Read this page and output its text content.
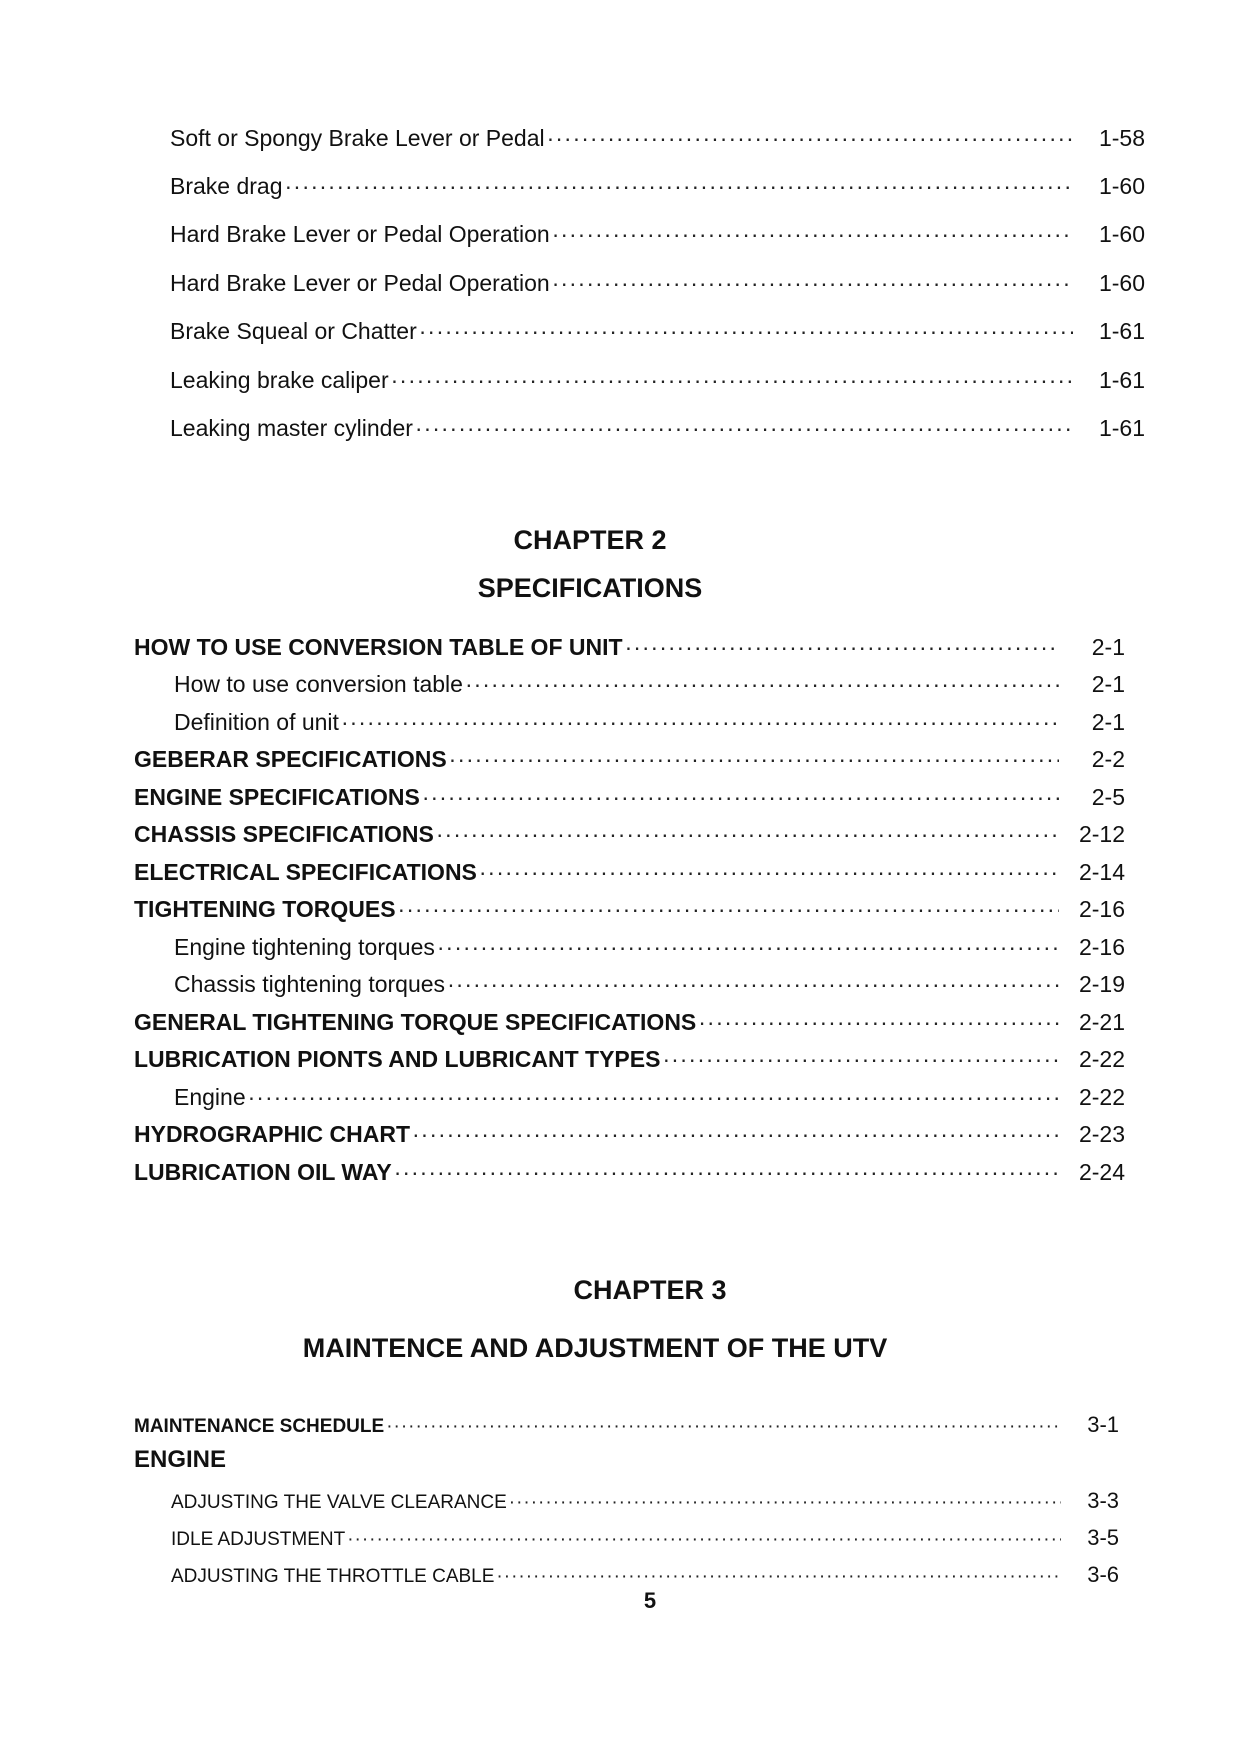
Soft or Spongy Brake Lever or Pedal ·····	1-58
Brake drag ·····	1-60
Hard Brake Lever or Pedal Operation ·····	1-60
Hard Brake Lever or Pedal Operation ·····	1-60
Brake Squeal or Chatter ·····	1-61
Leaking brake caliper ·····	1-61
Leaking master cylinder ·····	1-61
CHAPTER 2
SPECIFICATIONS
HOW TO USE CONVERSION TABLE OF UNIT ·····	2-1
How to use conversion table ·····	2-1
Definition of unit ·····	2-1
GEBERAR SPECIFICATIONS ·····	2-2
ENGINE SPECIFICATIONS ·····	2-5
CHASSIS SPECIFICATIONS ·····	2-12
ELECTRICAL SPECIFICATIONS ·····	2-14
TIGHTENING TORQUES ·····	2-16
Engine tightening torques ·····	2-16
Chassis tightening torques ·····	2-19
GENERAL TIGHTENING TORQUE SPECIFICATIONS ·····	2-21
LUBRICATION PIONTS AND LUBRICANT TYPES ·····	2-22
Engine ·····	2-22
HYDROGRAPHIC CHART ·····	2-23
LUBRICATION OIL WAY ·····	2-24
CHAPTER 3
MAINTENCE AND ADJUSTMENT OF THE UTV
MAINTENANCE SCHEDULE ·····	3-1
ENGINE
ADJUSTING THE VALVE CLEARANCE ·····	3-3
IDLE ADJUSTMENT ·····	3-5
ADJUSTING THE THROTTLE CABLE ·····	3-6
5
